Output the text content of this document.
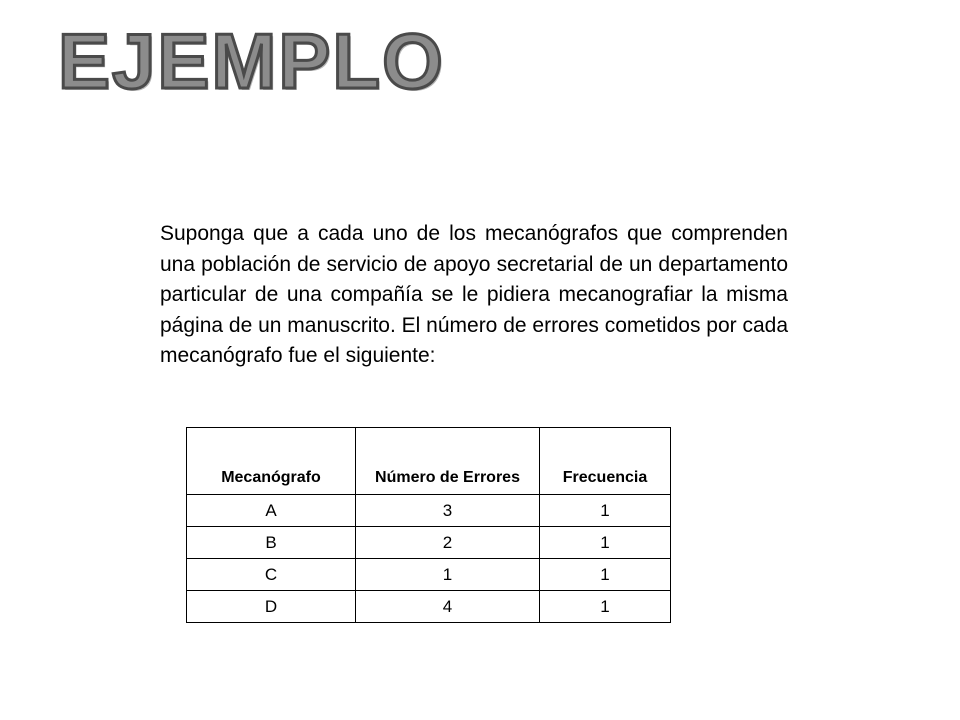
EJEMPLO

Suponga que a cada uno de los mecanógrafos que comprenden una población de servicio de apoyo secretarial de un departamento particular de una compañía se le pidiera mecanografiar la misma página de un manuscrito. El número de errores cometidos por cada mecanógrafo fue el siguiente:

Mecanógrafo	Número de Errores	Frecuencia
A	3	1
B	2	1
C	1	1
D	4	1
